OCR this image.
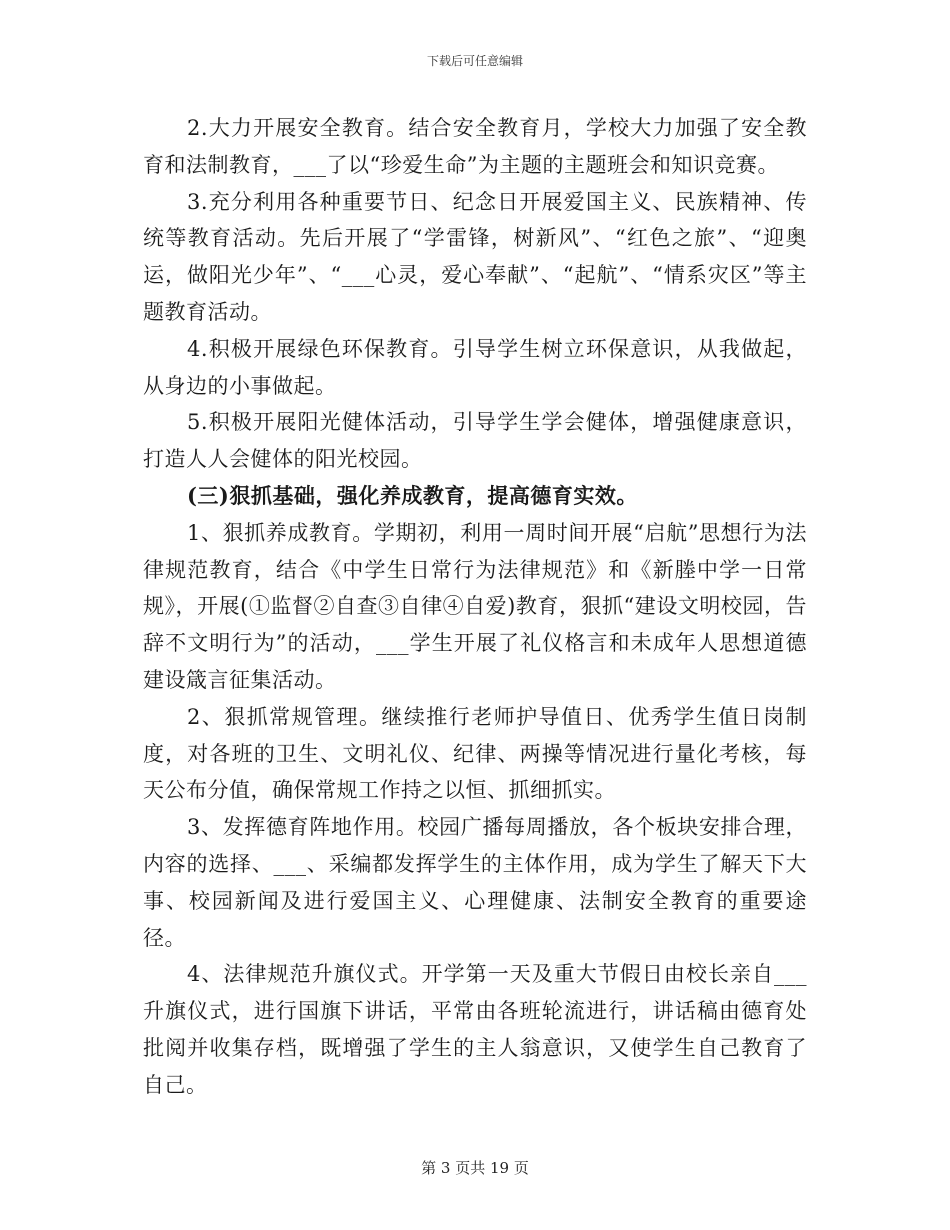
下载后可任意编辑

2.大力开展安全教育。结合安全教育月，学校大力加强了安全教育和法制教育，___了以“珍爱生命”为主题的主题班会和知识竞赛。

3.充分利用各种重要节日、纪念日开展爱国主义、民族精神、传统等教育活动。先后开展了“学雷锋，树新风”、“红色之旅”、“迎奥运，做阳光少年”、“___心灵，爱心奉献”、“起航”、“情系灾区”等主题教育活动。

4.积极开展绿色环保教育。引导学生树立环保意识，从我做起，从身边的小事做起。

5.积极开展阳光健体活动，引导学生学会健体，增强健康意识，打造人人会健体的阳光校园。

(三)狠抓基础，强化养成教育，提高德育实效。

1、狠抓养成教育。学期初，利用一周时间开展“启航”思想行为法律规范教育，结合《中学生日常行为法律规范》和《新塍中学一日常规》，开展(①监督②自查③自律④自爱)教育，狠抓“建设文明校园，告辞不文明行为”的活动，___学生开展了礼仪格言和未成年人思想道德建设箴言征集活动。

2、狠抓常规管理。继续推行老师护导值日、优秀学生值日岗制度，对各班的卫生、文明礼仪、纪律、两操等情况进行量化考核，每天公布分值，确保常规工作持之以恒、抓细抓实。

3、发挥德育阵地作用。校园广播每周播放，各个板块安排合理，内容的选择、___、采编都发挥学生的主体作用，成为学生了解天下大事、校园新闻及进行爱国主义、心理健康、法制安全教育的重要途径。

4、法律规范升旗仪式。开学第一天及重大节假日由校长亲自___升旗仪式，进行国旗下讲话，平常由各班轮流进行，讲话稿由德育处批阅并收集存档，既增强了学生的主人翁意识，又使学生自己教育了自己。

第 3 页共 19 页
